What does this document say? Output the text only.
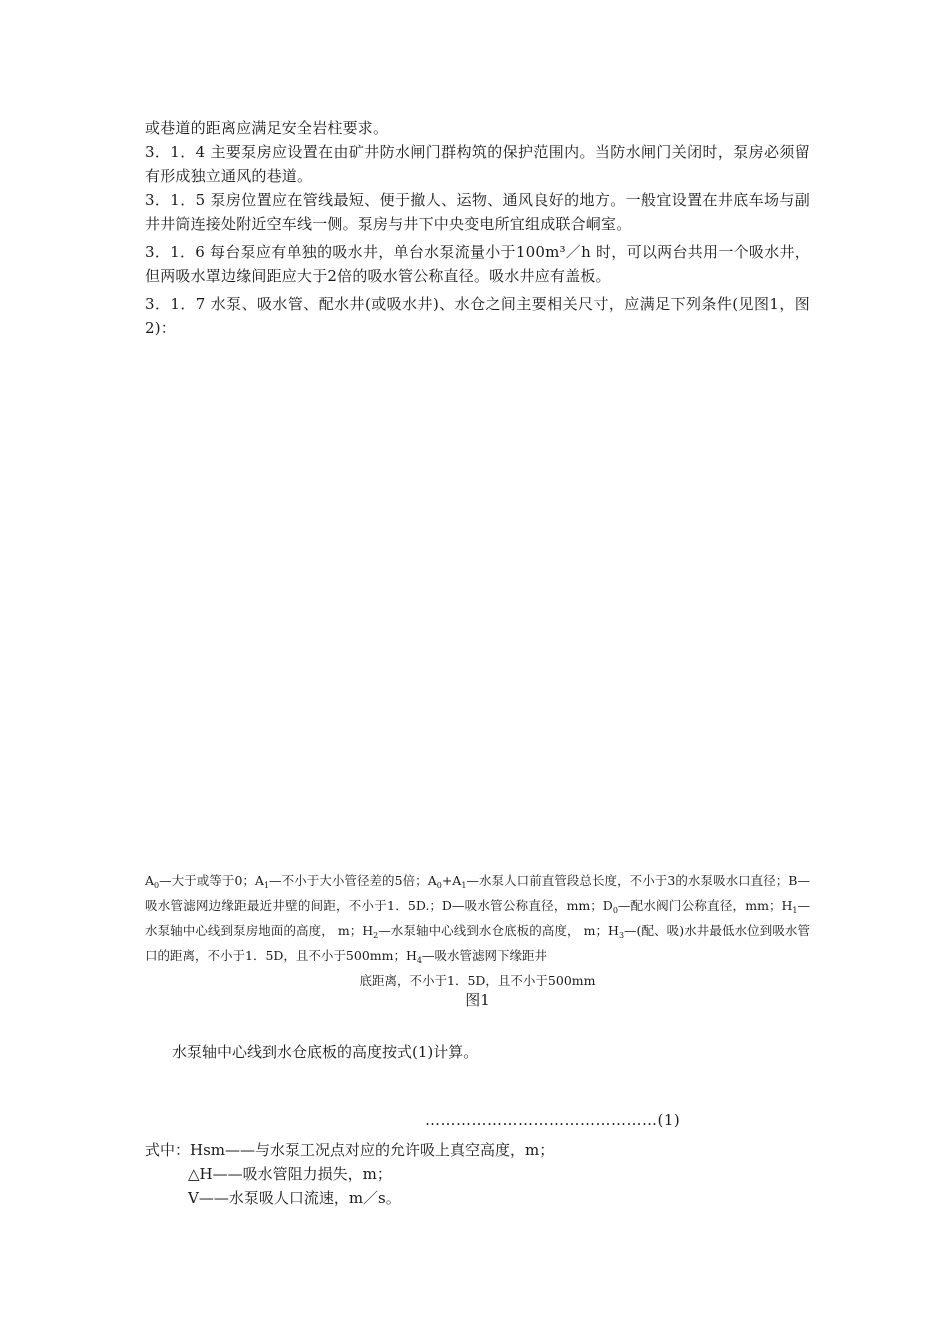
或巷道的距离应满足安全岩柱要求。

3．1．4 主要泵房应设置在由矿井防水闸门群构筑的保护范围内。当防水闸门关闭时，泵房必须留有形成独立通风的巷道。

3．1．5 泵房位置应在管线最短、便于撤人、运物、通风良好的地方。一般宜设置在井底车场与副井井筒连接处附近空车线一侧。泵房与井下中央变电所宜组成联合峒室。

3．1．6 每台泵应有单独的吸水井，单台水泵流量小于100m³／h 时，可以两台共用一个吸水井，但两吸水罩边缘间距应大于2倍的吸水管公称直径。吸水井应有盖板。

3．1．7 水泵、吸水管、配水井(或吸水井)、水仓之间主要相关尺寸，应满足下列条件(见图1，图2)：

$A_0—$大于或等于0；$A_1—$不小于大小管径差的5倍；$A_0+A_1—$水泵人口前直管段总长度，不小于3的水泵吸水口直径；B—吸水管滤网边缘距最近井壁的间距，不小于1．5D.；D—吸水管公称直径，mm；$D_0—$配水阀门公称直径，mm；$H_1—$水泵轴中心线到泵房地面的高度， m；$H_2—$水泵轴中心线到水仓底板的高度， m；$H_3—$(配、吸)水井最低水位到吸水管口的距离，不小于1．5D，且不小于500mm；$H_4—$吸水管滤网下缘距井
底距离，不小于1．5D，且不小于500mm

图1
水泵轴中心线到水仓底板的高度按式(1)计算。
………………………………………(1)
式中：Hsm——与水泵工况点对应的允许吸上真空高度，m；
△H——吸水管阻力损失，m；
V——水泵吸人口流速，m／s。
